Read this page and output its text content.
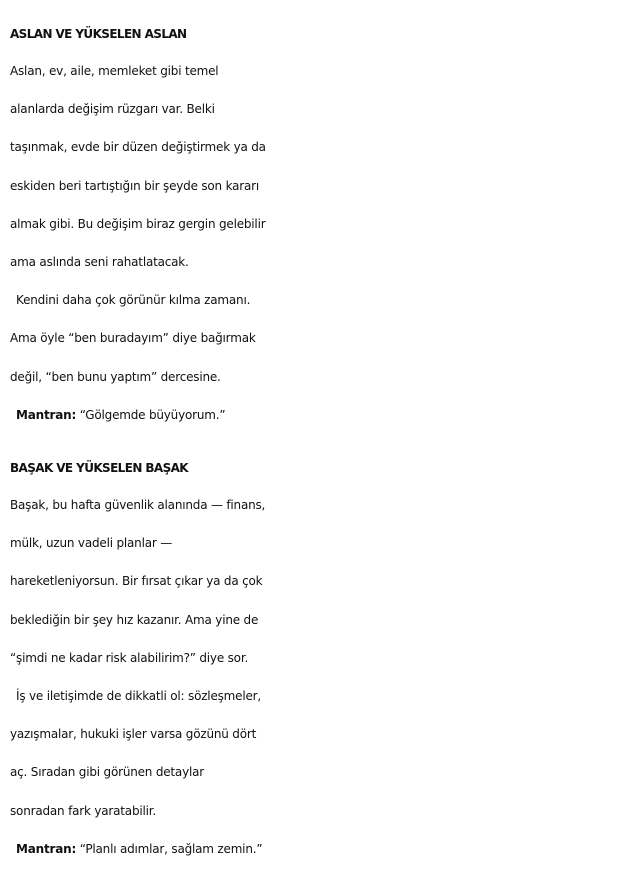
ASLAN VE YÜKSELEN ASLAN

Aslan, ev, aile, memleket gibi temel

alanlarda değişim rüzgarı var. Belki

taşınmak, evde bir düzen değiştirmek ya da

eskiden beri tartıştığın bir şeyde son kararı

almak gibi. Bu değişim biraz gergin gelebilir

ama aslında seni rahatlatacak.

Kendini daha çok görünür kılma zamanı.

Ama öyle “ben buradayım” diye bağırmak

değil, “ben bunu yaptım” dercesine.

Mantran: “Gölgemde büyüyorum.”

BAŞAK VE YÜKSELEN BAŞAK

Başak, bu hafta güvenlik alanında — finans,

mülk, uzun vadeli planlar —

hareketleniyorsun. Bir fırsat çıkar ya da çok

beklediğin bir şey hız kazanır. Ama yine de

“şimdi ne kadar risk alabilirim?” diye sor.

İş ve iletişimde de dikkatli ol: sözleşmeler,

yazışmalar, hukuki işler varsa gözünü dört

aç. Sıradan gibi görünen detaylar

sonradan fark yaratabilir.

Mantran: “Planlı adımlar, sağlam zemin.”
